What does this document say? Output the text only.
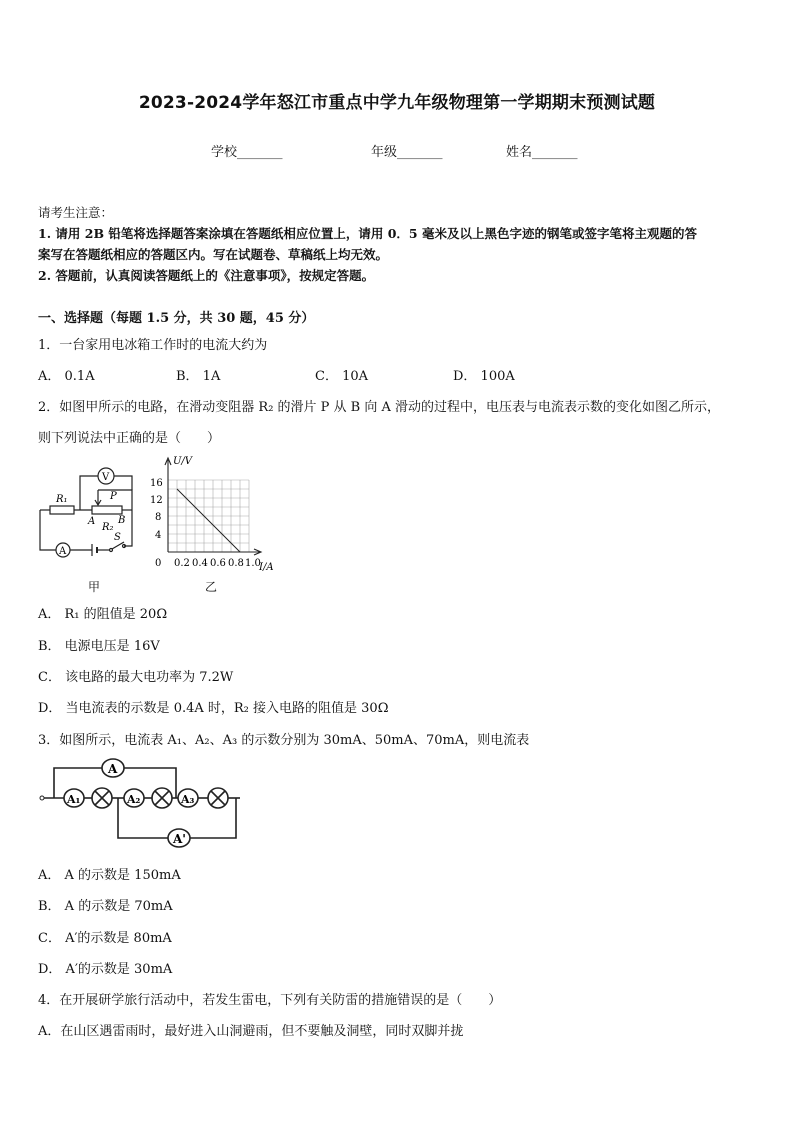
2023-2024学年怒江市重点中学九年级物理第一学期期末预测试题
学校_______	年级_______	姓名_______
请考生注意：
1. 请用 2B 铅笔将选择题答案涂填在答题纸相应位置上，请用 0．5 毫米及以上黑色字迹的钢笔或签字笔将主观题的答
案写在答题纸相应的答题区内。写在试题卷、草稿纸上均无效。
2. 答题前，认真阅读答题纸上的《注意事项》，按规定答题。
一、选择题（每题 1.5 分，共 30 题，45 分）
1．一台家用电冰箱工作时的电流大约为
A． 0.1A	B． 1A	C． 10A	D． 100A
2．如图甲所示的电路，在滑动变阻器 R₂ 的滑片 P 从 B 向 A 滑动的过程中，电压表与电流表示数的变化如图乙所示，
则下列说法中正确的是（　　）
V
A
R₁
R₂
P
A B
S
甲
U/V
I/A
16
12
8
4
0 0.2 0.4 0.6 0.8 1.0
乙
A． R₁ 的阻值是 20Ω
B． 电源电压是 16V
C． 该电路的最大电功率为 7.2W
D． 当电流表的示数是 0.4A 时，R₂ 接入电路的阻值是 30Ω
3．如图所示，电流表 A₁、A₂、A₃ 的示数分别为 30mA、50mA、70mA，则电流表
A
A₁	A₂	A₃
A'
A． A 的示数是 150mA
B． A 的示数是 70mA
C． A′的示数是 80mA
D． A′的示数是 30mA
4．在开展研学旅行活动中，若发生雷电，下列有关防雷的措施错误的是（　　）
A．在山区遇雷雨时，最好进入山洞避雨，但不要触及洞壁，同时双脚并拢
